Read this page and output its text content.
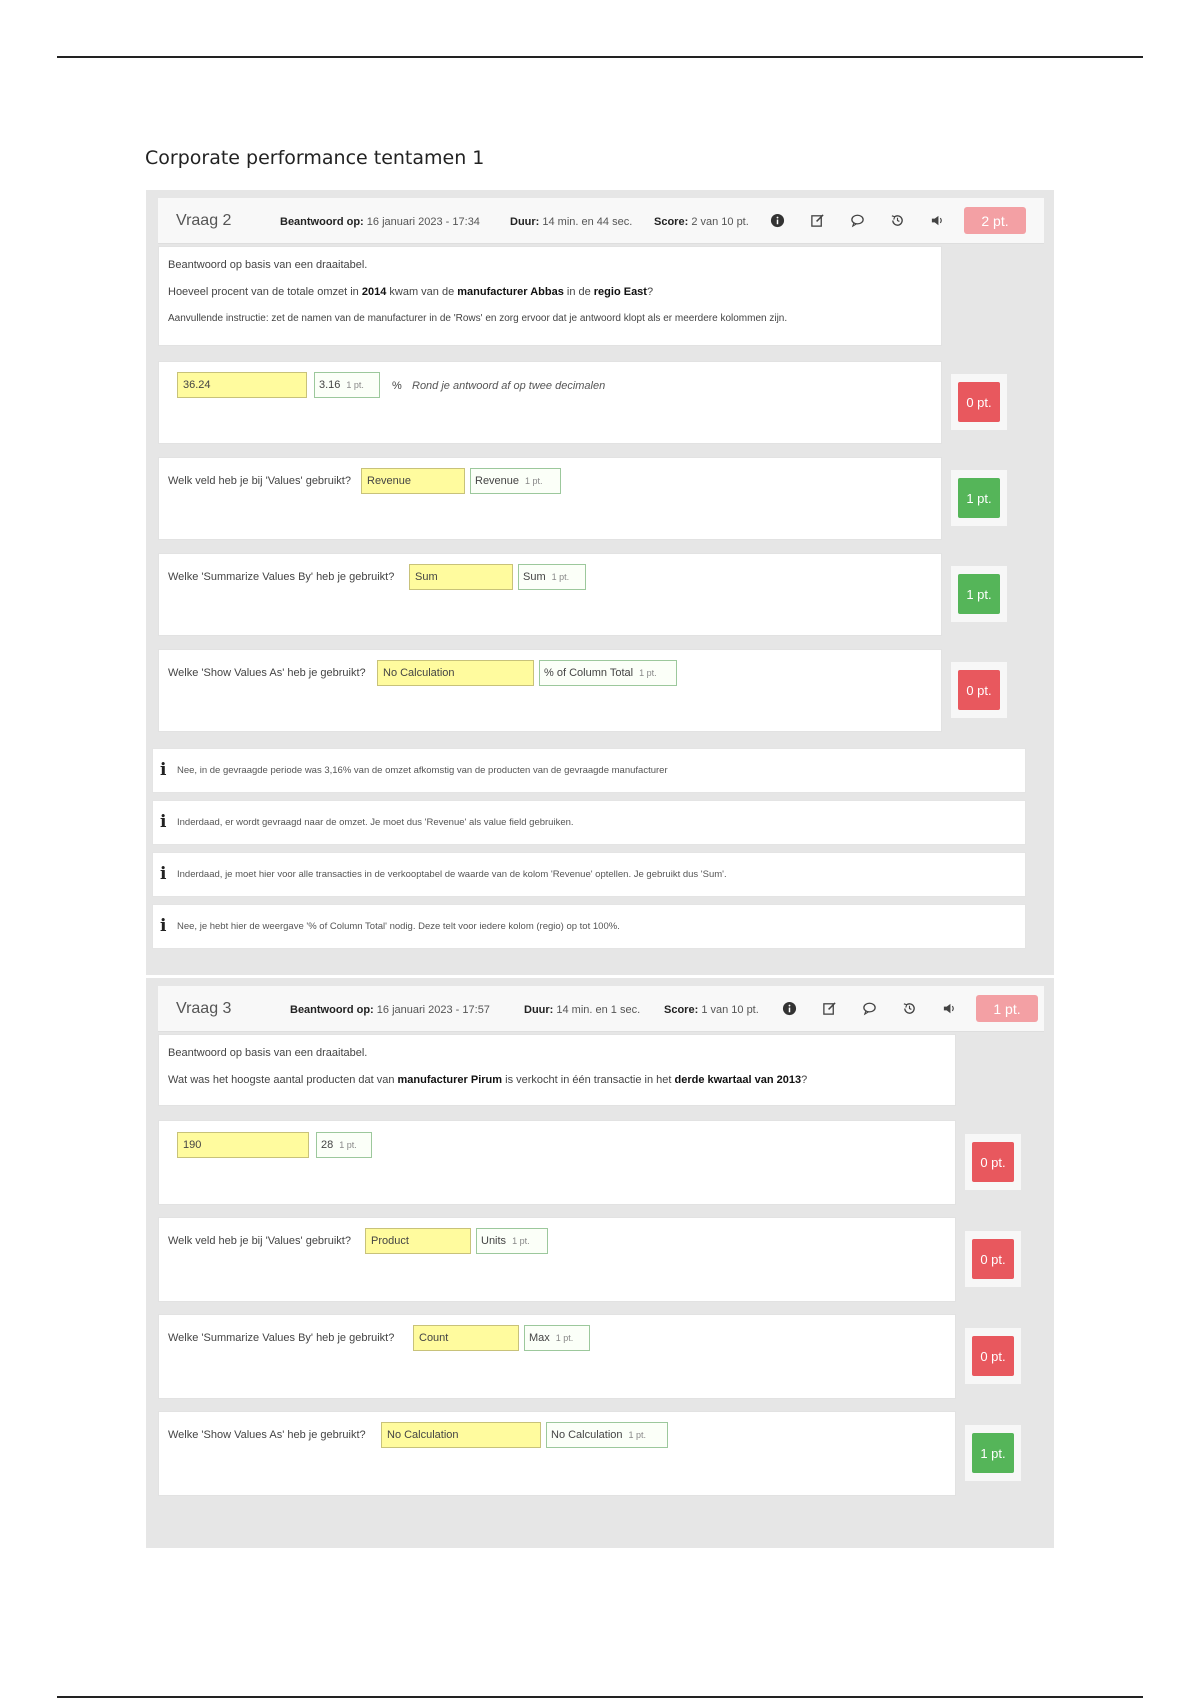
Corporate performance tentamen 1
Vraag 2	Beantwoord op: 16 januari 2023 - 17:34	Duur: 14 min. en 44 sec. Score: 2 van 10 pt.	2 pt.
Beantwoord op basis van een draaitabel.
Hoeveel procent van de totale omzet in 2014 kwam van de manufacturer Abbas in de regio East?
Aanvullende instructie: zet de namen van de manufacturer in de 'Rows' en zorg ervoor dat je antwoord klopt als er meerdere kolommen zijn.
36.24	3.16 1 pt.	% Rond je antwoord af op twee decimalen
0 pt.
Welk veld heb je bij 'Values' gebruikt?	Revenue	Revenue 1 pt.
1 pt.
Welke 'Summarize Values By' heb je gebruikt?	Sum	Sum 1 pt.
1 pt.
Welke 'Show Values As' heb je gebruikt?	No Calculation	% of Column Total 1 pt.
0 pt.
i Nee, in de gevraagde periode was 3,16% van de omzet afkomstig van de producten van de gevraagde manufacturer
i Inderdaad, er wordt gevraagd naar de omzet. Je moet dus 'Revenue' als value field gebruiken.
i Inderdaad, je moet hier voor alle transacties in de verkooptabel de waarde van de kolom 'Revenue' optellen. Je gebruikt dus 'Sum'.
i Nee, je hebt hier de weergave '% of Column Total' nodig. Deze telt voor iedere kolom (regio) op tot 100%.
Vraag 3	Beantwoord op: 16 januari 2023 - 17:57	Duur: 14 min. en 1 sec. Score: 1 van 10 pt.	1 pt.
Beantwoord op basis van een draaitabel.
Wat was het hoogste aantal producten dat van manufacturer Pirum is verkocht in één transactie in het derde kwartaal van 2013?
190	28 1 pt.
0 pt.
Welk veld heb je bij 'Values' gebruikt?	Product	Units 1 pt.
0 pt.
Welke 'Summarize Values By' heb je gebruikt?	Count	Max 1 pt.
0 pt.
Welke 'Show Values As' heb je gebruikt?	No Calculation	No Calculation 1 pt.
1 pt.
